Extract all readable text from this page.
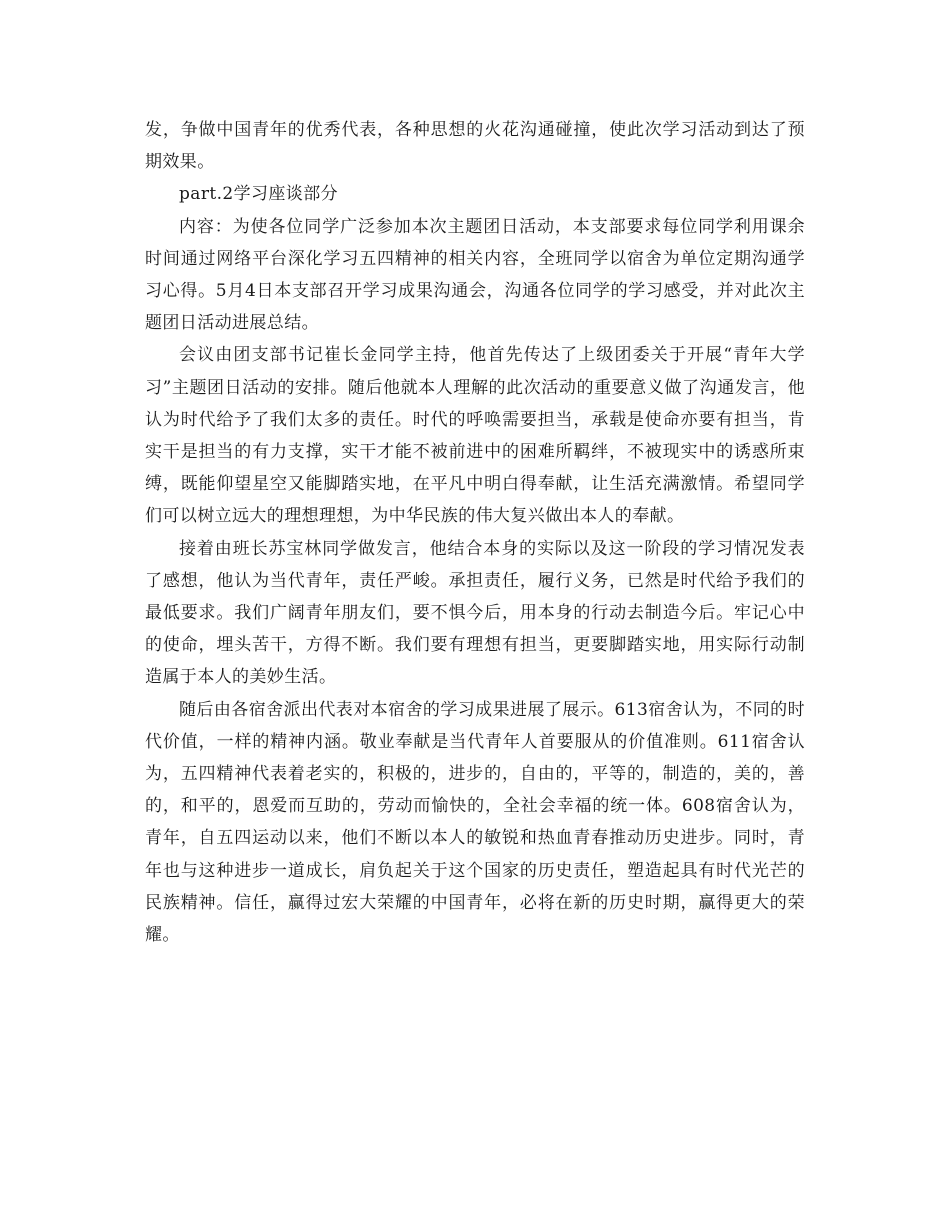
发，争做中国青年的优秀代表，各种思想的火花沟通碰撞，使此次学习活动到达了预期效果。

part.2学习座谈部分

内容：为使各位同学广泛参加本次主题团日活动，本支部要求每位同学利用课余时间通过网络平台深化学习五四精神的相关内容，全班同学以宿舍为单位定期沟通学习心得。5月4日本支部召开学习成果沟通会，沟通各位同学的学习感受，并对此次主题团日活动进展总结。

会议由团支部书记崔长金同学主持，他首先传达了上级团委关于开展“青年大学习”主题团日活动的安排。随后他就本人理解的此次活动的重要意义做了沟通发言，他认为时代给予了我们太多的责任。时代的呼唤需要担当，承载是使命亦要有担当，肯实干是担当的有力支撑，实干才能不被前进中的困难所羁绊，不被现实中的诱惑所束缚，既能仰望星空又能脚踏实地，在平凡中明白得奉献，让生活充满激情。希望同学们可以树立远大的理想理想，为中华民族的伟大复兴做出本人的奉献。

接着由班长苏宝林同学做发言，他结合本身的实际以及这一阶段的学习情况发表了感想，他认为当代青年，责任严峻。承担责任，履行义务，已然是时代给予我们的最低要求。我们广阔青年朋友们，要不惧今后，用本身的行动去制造今后。牢记心中的使命，埋头苦干，方得不断。我们要有理想有担当，更要脚踏实地，用实际行动制造属于本人的美妙生活。

随后由各宿舍派出代表对本宿舍的学习成果进展了展示。613宿舍认为，不同的时代价值，一样的精神内涵。敬业奉献是当代青年人首要服从的价值准则。611宿舍认为，五四精神代表着老实的，积极的，进步的，自由的，平等的，制造的，美的，善的，和平的，恩爱而互助的，劳动而愉快的，全社会幸福的统一体。608宿舍认为，青年，自五四运动以来，他们不断以本人的敏锐和热血青春推动历史进步。同时，青年也与这种进步一道成长，肩负起关于这个国家的历史责任，塑造起具有时代光芒的民族精神。信任，赢得过宏大荣耀的中国青年，必将在新的历史时期，赢得更大的荣耀。
